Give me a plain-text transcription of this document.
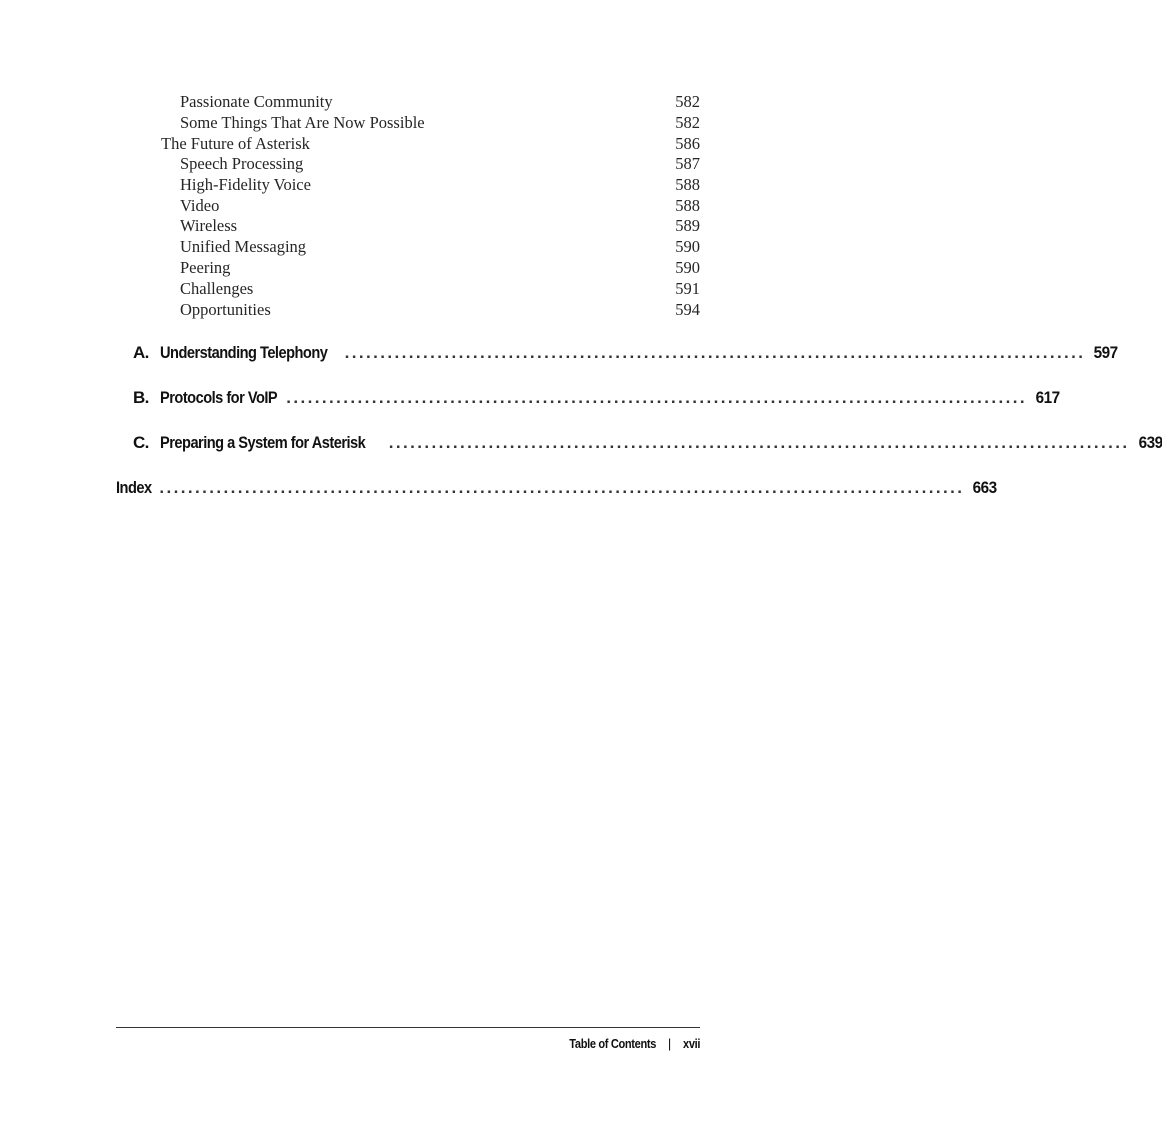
Passionate Community	582
Some Things That Are Now Possible	582
The Future of Asterisk	586
Speech Processing	587
High-Fidelity Voice	588
Video	588
Wireless	589
Unified Messaging	590
Peering	590
Challenges	591
Opportunities	594
A. Understanding Telephony ........................................................................................................ 597
B. Protocols for VoIP ........................................................................................................ 617
C. Preparing a System for Asterisk ........................................................................................................ 639
Index ................................................................................................................. 663
Table of Contents | xvii
